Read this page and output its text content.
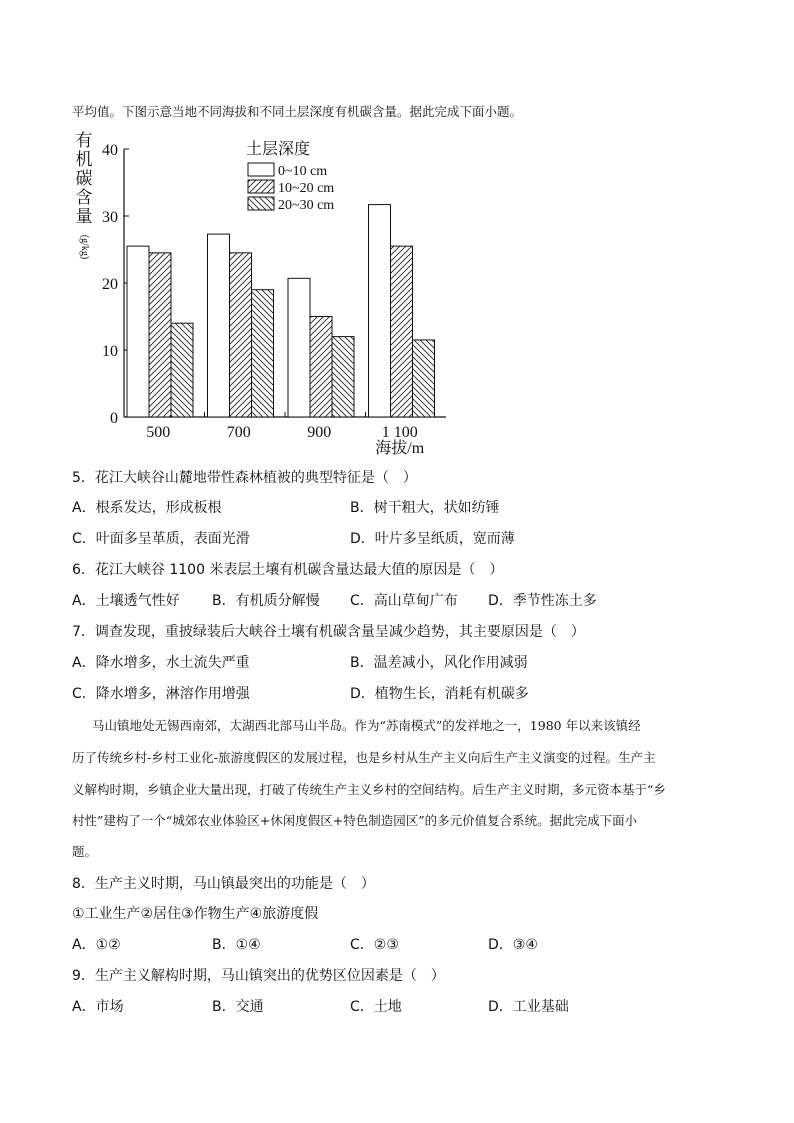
平均值。下图示意当地不同海拔和不同土层深度有机碳含量。据此完成下面小题。
有
机
碳
含
量
(g/kg)
0
10
20
30
40
500	700	900	1 100
海拔/m
土层深度
0~10 cm
10~20 cm
20~30 cm
5．花江大峡谷山麓地带性森林植被的典型特征是（　）
A．根系发达，形成板根	B．树干粗大，状如纺锤
C．叶面多呈革质，表面光滑	D．叶片多呈纸质，宽而薄
6．花江大峡谷 1100 米表层土壤有机碳含量达最大值的原因是（　）
A．土壤透气性好 B．有机质分解慢 C．高山草甸广布 D．季节性冻土多
7．调查发现，重披绿装后大峡谷土壤有机碳含量呈减少趋势，其主要原因是（　）
A．降水增多，水土流失严重	B．温差减小，风化作用减弱
C．降水增多，淋溶作用增强	D．植物生长，消耗有机碳多
马山镇地处无锡西南郊，太湖西北部马山半岛。作为“苏南模式”的发祥地之一，1980 年以来该镇经
历了传统乡村-乡村工业化-旅游度假区的发展过程，也是乡村从生产主义向后生产主义演变的过程。生产主
义解构时期，乡镇企业大量出现，打破了传统生产主义乡村的空间结构。后生产主义时期，多元资本基于“乡
村性”建构了一个“城郊农业体验区+休闲度假区+特色制造园区”的多元价值复合系统。据此完成下面小
题。
8．生产主义时期，马山镇最突出的功能是（　）
①工业生产②居住③作物生产④旅游度假
A．①②	B．①④	C．②③	D．③④
9．生产主义解构时期，马山镇突出的优势区位因素是（　）
A．市场	B．交通	C．土地	D．工业基础
